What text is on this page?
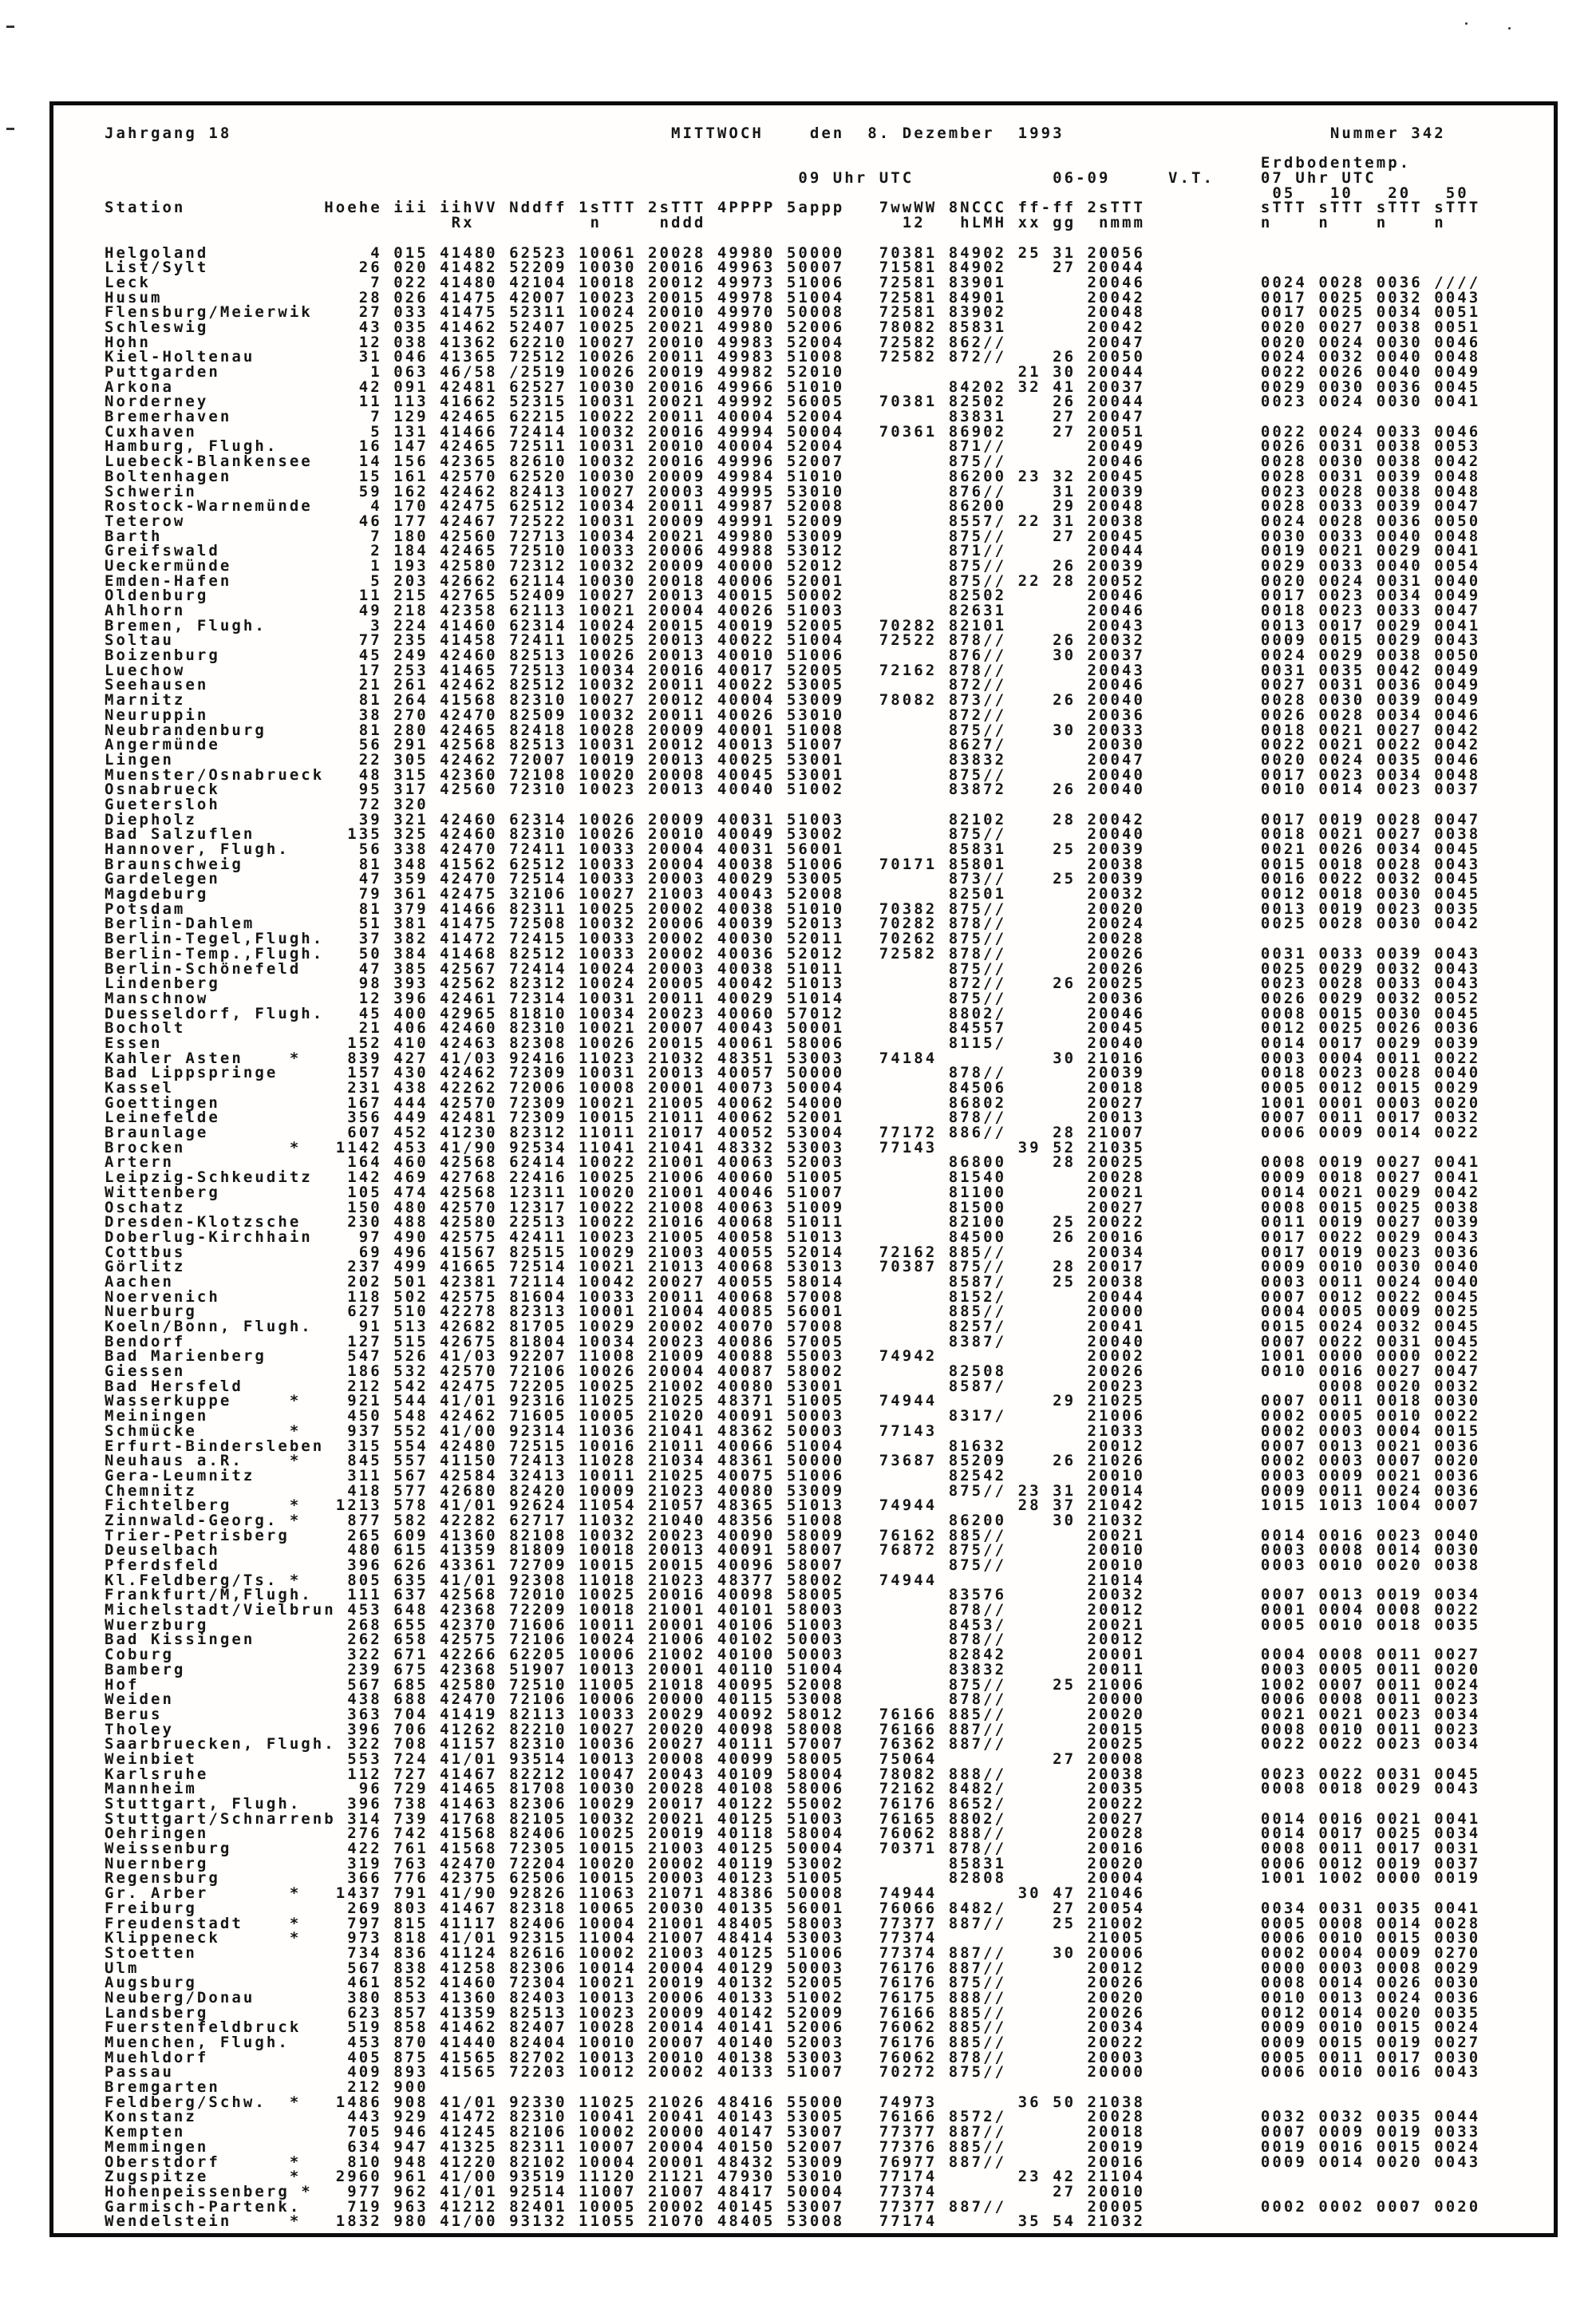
Jahrgang 18                                      MITTWOCH    den  8. Dezember  1993                       Nummer 342
Erdbodentemp.
09 Uhr UTC            06-09     V.T.    07 Uhr UTC
05   10   20   50
Station            Hoehe iii iihVV Nddff 1sTTT 2sTTT 4PPPP 5appp   7wwWW 8NCCC ff-ff 2sTTT          sTTT sTTT sTTT sTTT
Rx          n     nddd                 12   hLMH xx gg  nmmm          n    n    n    n
Helgoland              4 015 41480 62523 10061 20028 49980 50000   70381 84902 25 31 20056
List/Sylt             26 020 41482 52209 10030 20016 49963 50007   71581 84902    27 20044
Leck                   7 022 41480 42104 10018 20012 49973 51006   72581 83901       20046          0024 0028 0036 ////
Husum                 28 026 41475 42007 10023 20015 49978 51004   72581 84901       20042          0017 0025 0032 0043
Flensburg/Meierwik    27 033 41475 52311 10024 20010 49970 50008   72581 83902       20048          0017 0025 0034 0051
Schleswig             43 035 41462 52407 10025 20021 49980 52006   78082 85831       20042          0020 0027 0038 0051
Hohn                  12 038 41362 62210 10027 20010 49983 52004   72582 862//       20047          0020 0024 0030 0046
Kiel-Holtenau         31 046 41365 72512 10026 20011 49983 51008   72582 872//    26 20050          0024 0032 0040 0048
Puttgarden             1 063 46/58 /2519 10026 20019 49982 52010               21 30 20044          0022 0026 0040 0049
Arkona                42 091 42481 62527 10030 20016 49966 51010         84202 32 41 20037          0029 0030 0036 0045
Norderney             11 113 41662 52315 10031 20021 49992 56005   70381 82502    26 20044          0023 0024 0030 0041
Bremerhaven            7 129 42465 62215 10022 20011 40004 52004         83831    27 20047
Cuxhaven               5 131 41466 72414 10032 20016 49994 50004   70361 86902    27 20051          0022 0024 0033 0046
Hamburg, Flugh.       16 147 42465 72511 10031 20010 40004 52004         871//       20049          0026 0031 0038 0053
Luebeck-Blankensee    14 156 42365 82610 10032 20016 49996 52007         875//       20046          0028 0030 0038 0042
Boltenhagen           15 161 42570 62520 10030 20009 49984 51010         86200 23 32 20045          0028 0031 0039 0048
Schwerin              59 162 42462 82413 10027 20003 49995 53010         876//    31 20039          0023 0028 0038 0048
Rostock-Warnemünde     4 170 42475 62512 10034 20011 49987 52008         86200    29 20048          0028 0033 0039 0047
Teterow               46 177 42467 72522 10031 20009 49991 52009         8557/ 22 31 20038          0024 0028 0036 0050
Barth                  7 180 42560 72713 10034 20021 49980 53009         875//    27 20045          0030 0033 0040 0048
Greifswald             2 184 42465 72510 10033 20006 49988 53012         871//       20044          0019 0021 0029 0041
Ueckermünde            1 193 42580 72312 10032 20009 40000 52012         875//    26 20039          0029 0033 0040 0054
Emden-Hafen            5 203 42662 62114 10030 20018 40006 52001         875// 22 28 20052          0020 0024 0031 0040
Oldenburg             11 215 42765 52409 10027 20013 40015 50002         82502       20046          0017 0023 0034 0049
Ahlhorn               49 218 42358 62113 10021 20004 40026 51003         82631       20046          0018 0023 0033 0047
Bremen, Flugh.         3 224 41460 62314 10024 20015 40019 52005   70282 82101       20043          0013 0017 0029 0041
Soltau                77 235 41458 72411 10025 20013 40022 51004   72522 878//    26 20032          0009 0015 0029 0043
Boizenburg            45 249 42460 82513 10026 20013 40010 51006         876//    30 20037          0024 0029 0038 0050
Luechow               17 253 41465 72513 10034 20016 40017 52005   72162 878//       20043          0031 0035 0042 0049
Seehausen             21 261 42462 82512 10032 20011 40022 53005         872//       20046          0027 0031 0036 0049
Marnitz               81 264 41568 82310 10027 20012 40004 53009   78082 873//    26 20040          0028 0030 0039 0049
Neuruppin             38 270 42470 82509 10032 20011 40026 53010         872//       20036          0026 0028 0034 0046
Neubrandenburg        81 280 42465 82418 10028 20009 40001 51008         875//    30 20033          0018 0021 0027 0042
Angermünde            56 291 42568 82513 10031 20012 40013 51007         8627/       20030          0022 0021 0022 0042
Lingen                22 305 42462 72007 10019 20013 40025 53001         83832       20047          0020 0024 0035 0046
Muenster/Osnabrueck   48 315 42360 72108 10020 20008 40045 53001         875//       20040          0017 0023 0034 0048
Osnabrueck            95 317 42560 72310 10023 20013 40040 51002         83872    26 20040          0010 0014 0023 0037
Guetersloh            72 320
Diepholz              39 321 42460 62314 10026 20009 40031 51003         82102    28 20042          0017 0019 0028 0047
Bad Salzuflen        135 325 42460 82310 10026 20010 40049 53002         875//       20040          0018 0021 0027 0038
Hannover, Flugh.      56 338 42470 72411 10033 20004 40031 56001         85831    25 20039          0021 0026 0034 0045
Braunschweig          81 348 41562 62512 10033 20004 40038 51006   70171 85801       20038          0015 0018 0028 0043
Gardelegen            47 359 42470 72514 10033 20003 40029 53005         873//    25 20039          0016 0022 0032 0045
Magdeburg             79 361 42475 32106 10027 21003 40043 52008         82501       20032          0012 0018 0030 0045
Potsdam               81 379 41466 82311 10025 20002 40038 51010   70382 875//       20020          0013 0019 0023 0035
Berlin-Dahlem         51 381 41475 72508 10032 20006 40039 52013   70282 878//       20024          0025 0028 0030 0042
Berlin-Tegel,Flugh.   37 382 41472 72415 10033 20002 40030 52011   70262 875//       20028
Berlin-Temp.,Flugh.   50 384 41468 82512 10033 20002 40036 52012   72582 878//       20026          0031 0033 0039 0043
Berlin-Schönefeld     47 385 42567 72414 10024 20003 40038 51011         875//       20026          0025 0029 0032 0043
Lindenberg            98 393 42562 82312 10024 20005 40042 51013         872//    26 20025          0023 0028 0033 0043
Manschnow             12 396 42461 72314 10031 20011 40029 51014         875//       20036          0026 0029 0032 0052
Duesseldorf, Flugh.   45 400 42965 81810 10034 20023 40060 57012         8802/       20046          0008 0015 0030 0045
Bocholt               21 406 42460 82310 10021 20007 40043 50001         84557       20045          0012 0025 0026 0036
Essen                152 410 42463 82308 10026 20015 40061 58006         8115/       20040          0014 0017 0029 0039
Kahler Asten    *    839 427 41/03 92416 11023 21032 48351 53003   74184          30 21016          0003 0004 0011 0022
Bad Lippspringe      157 430 42462 72309 10031 20013 40057 50000         878//       20039          0018 0023 0028 0040
Kassel               231 438 42262 72006 10008 20001 40073 50004         84506       20018          0005 0012 0015 0029
Goettingen           167 444 42570 72309 10021 21005 40062 54000         86802       20027          1001 0001 0003 0020
Leinefelde           356 449 42481 72309 10015 21011 40062 52001         878//       20013          0007 0011 0017 0032
Braunlage            607 452 41230 82312 11011 21017 40052 53004   77172 886//    28 21007          0006 0009 0014 0022
Brocken         *   1142 453 41/90 92534 11041 21041 48332 53003   77143       39 52 21035
Artern               164 460 42568 62414 10022 21001 40063 52003         86800    28 20025          0008 0019 0027 0041
Leipzig-Schkeuditz   142 469 42768 22416 10025 21006 40060 51005         81540       20028          0009 0018 0027 0041
Wittenberg           105 474 42568 12311 10020 21001 40046 51007         81100       20021          0014 0021 0029 0042
Oschatz              150 480 42570 12317 10022 21008 40063 51009         81500       20027          0008 0015 0025 0038
Dresden-Klotzsche    230 488 42580 22513 10022 21016 40068 51011         82100    25 20022          0011 0019 0027 0039
Doberlug-Kirchhain    97 490 42575 42411 10023 21005 40058 51013         84500    26 20016          0017 0022 0029 0043
Cottbus               69 496 41567 82515 10029 21003 40055 52014   72162 885//       20034          0017 0019 0023 0036
Görlitz              237 499 41665 72514 10021 21013 40068 53013   70387 875//    28 20017          0009 0010 0030 0040
Aachen               202 501 42381 72114 10042 20027 40055 58014         8587/    25 20038          0003 0011 0024 0040
Noervenich           118 502 42575 81604 10033 20011 40068 57008         8152/       20044          0007 0012 0022 0045
Nuerburg             627 510 42278 82313 10001 21004 40085 56001         885//       20000          0004 0005 0009 0025
Koeln/Bonn, Flugh.    91 513 42682 81705 10029 20002 40070 57008         8257/       20041          0015 0024 0032 0045
Bendorf              127 515 42675 81804 10034 20023 40086 57005         8387/       20040          0007 0022 0031 0045
Bad Marienberg       547 526 41/03 92207 11008 21009 40088 55003   74942             20002          1001 0000 0000 0022
Giessen              186 532 42570 72106 10026 20004 40087 58002         82508       20026          0010 0016 0027 0047
Bad Hersfeld         212 542 42475 72205 10025 21002 40080 53001         8587/       20023               0008 0020 0032
Wasserkuppe     *    921 544 41/01 92316 11025 21025 48371 51005   74944          29 21025          0007 0011 0018 0030
Meiningen            450 548 42462 71605 10005 21020 40091 50003         8317/       21006          0002 0005 0010 0022
Schmücke        *    937 552 41/00 92314 11036 21041 48362 50003   77143             21033          0002 0003 0004 0015
Erfurt-Bindersleben  315 554 42480 72515 10016 21011 40066 51004         81632       20012          0007 0013 0021 0036
Neuhaus a.R.    *    845 557 41150 72413 11028 21034 48361 50000   73687 85209    26 21026          0002 0003 0007 0020
Gera-Leumnitz        311 567 42584 32413 10011 21025 40075 51006         82542       20010          0003 0009 0021 0036
Chemnitz             418 577 42680 82420 10009 21023 40080 53009         875// 23 31 20014          0009 0011 0024 0036
Fichtelberg     *   1213 578 41/01 92624 11054 21057 48365 51013   74944       28 37 21042          1015 1013 1004 0007
Zinnwald-Georg. *    877 582 42282 62717 11032 21040 48356 51008         86200    30 21032
Trier-Petrisberg     265 609 41360 82108 10032 20023 40090 58009   76162 885//       20021          0014 0016 0023 0040
Deuselbach           480 615 41359 81809 10018 20013 40091 58007   76872 875//       20010          0003 0008 0014 0030
Pferdsfeld           396 626 43361 72709 10015 20015 40096 58007         875//       20010          0003 0010 0020 0038
Kl.Feldberg/Ts. *    805 635 41/01 92308 11018 21023 48377 58002   74944             21014
Frankfurt/M,Flugh.   111 637 42568 72010 10025 20016 40098 58005         83576       20032          0007 0013 0019 0034
Michelstadt/Vielbrun 453 648 42368 72209 10018 21001 40101 58003         878//       20012          0001 0004 0008 0022
Wuerzburg            268 655 42370 71606 10011 20001 40106 51003         8453/       20021          0005 0010 0018 0035
Bad Kissingen        262 658 42575 72106 10024 21006 40102 50003         878//       20012
Coburg               322 671 42266 62205 10006 21002 40100 50003         82842       20001          0004 0008 0011 0027
Bamberg              239 675 42368 51907 10013 20001 40110 51004         83832       20011          0003 0005 0011 0020
Hof                  567 685 42580 72510 11005 21018 40095 52008         875//    25 21006          1002 0007 0011 0024
Weiden               438 688 42470 72106 10006 20000 40115 53008         878//       20000          0006 0008 0011 0023
Berus                363 704 41419 82113 10033 20029 40092 58012   76166 885//       20020          0021 0021 0023 0034
Tholey               396 706 41262 82210 10027 20020 40098 58008   76166 887//       20015          0008 0010 0011 0023
Saarbruecken, Flugh. 322 708 41157 82310 10036 20027 40111 57007   76362 887//       20025          0022 0022 0023 0034
Weinbiet             553 724 41/01 93514 10013 20008 40099 58005   75064          27 20008
Karlsruhe            112 727 41467 82212 10047 20043 40109 58004   78082 888//       20038          0023 0022 0031 0045
Mannheim              96 729 41465 81708 10030 20028 40108 58006   72162 8482/       20035          0008 0018 0029 0043
Stuttgart, Flugh.    396 738 41463 82306 10029 20017 40122 55002   76176 8652/       20022
Stuttgart/Schnarrenb 314 739 41768 82105 10032 20021 40125 51003   76165 8802/       20027          0014 0016 0021 0041
Oehringen            276 742 41568 82406 10025 20019 40118 58004   76062 888//       20028          0014 0017 0025 0034
Weissenburg          422 761 41568 72305 10015 21003 40125 50004   70371 878//       20016          0008 0011 0017 0031
Nuernberg            319 763 42470 72204 10020 20002 40119 53002         85831       20020          0006 0012 0019 0037
Regensburg           366 776 42375 62506 10015 20003 40123 51005         82808       20004          1001 1002 0000 0019
Gr. Arber       *   1437 791 41/90 92826 11063 21071 48386 50008   74944       30 47 21046
Freiburg             269 803 41467 82318 10065 20030 40135 56001   76066 8482/    27 20054          0034 0031 0035 0041
Freudenstadt    *    797 815 41117 82406 10004 21001 48405 58003   77377 887//    25 21002          0005 0008 0014 0028
Klippeneck      *    973 818 41/01 92315 11004 21007 48414 53003   77374             21005          0006 0010 0015 0030
Stoetten             734 836 41124 82616 10002 21003 40125 51006   77374 887//    30 20006          0002 0004 0009 0270
Ulm                  567 838 41258 82306 10014 20004 40129 50003   76176 887//       20012          0000 0003 0008 0029
Augsburg             461 852 41460 72304 10021 20019 40132 52005   76176 875//       20026          0008 0014 0026 0030
Neuberg/Donau        380 853 41360 82403 10013 20006 40133 51002   76175 888//       20020          0010 0013 0024 0036
Landsberg            623 857 41359 82513 10023 20009 40142 52009   76166 885//       20026          0012 0014 0020 0035
Fuerstenfeldbruck    519 858 41462 82407 10028 20014 40141 52006   76062 885//       20034          0009 0010 0015 0024
Muenchen, Flugh.     453 870 41440 82404 10010 20007 40140 52003   76176 885//       20022          0009 0015 0019 0027
Muehldorf            405 875 41565 82702 10013 20010 40138 53003   76062 878//       20003          0005 0011 0017 0030
Passau               409 893 41565 72203 10012 20002 40133 51007   70272 875//       20000          0006 0010 0016 0043
Bremgarten           212 900
Feldberg/Schw.  *   1486 908 41/01 92330 11025 21026 48416 55000   74973       36 50 21038
Konstanz             443 929 41472 82310 10041 20041 40143 53005   76166 8572/       20028          0032 0032 0035 0044
Kempten              705 946 41245 82106 10002 20000 40147 53007   77377 887//       20018          0007 0009 0019 0033
Memmingen            634 947 41325 82311 10007 20004 40150 52007   77376 885//       20019          0019 0016 0015 0024
Oberstdorf      *    810 948 41220 82102 10004 20001 48432 53009   76977 887//       20016          0009 0014 0020 0043
Zugspitze       *   2960 961 41/00 93519 11120 21121 47930 53010   77174       23 42 21104
Hohenpeissenberg *   977 962 41/01 92514 11007 21007 48417 50004   77374          27 20010
Garmisch-Partenk.    719 963 41212 82401 10005 20002 40145 53007   77377 887//       20005          0002 0002 0007 0020
Wendelstein     *   1832 980 41/00 93132 11055 21070 48405 53008   77174       35 54 21032
